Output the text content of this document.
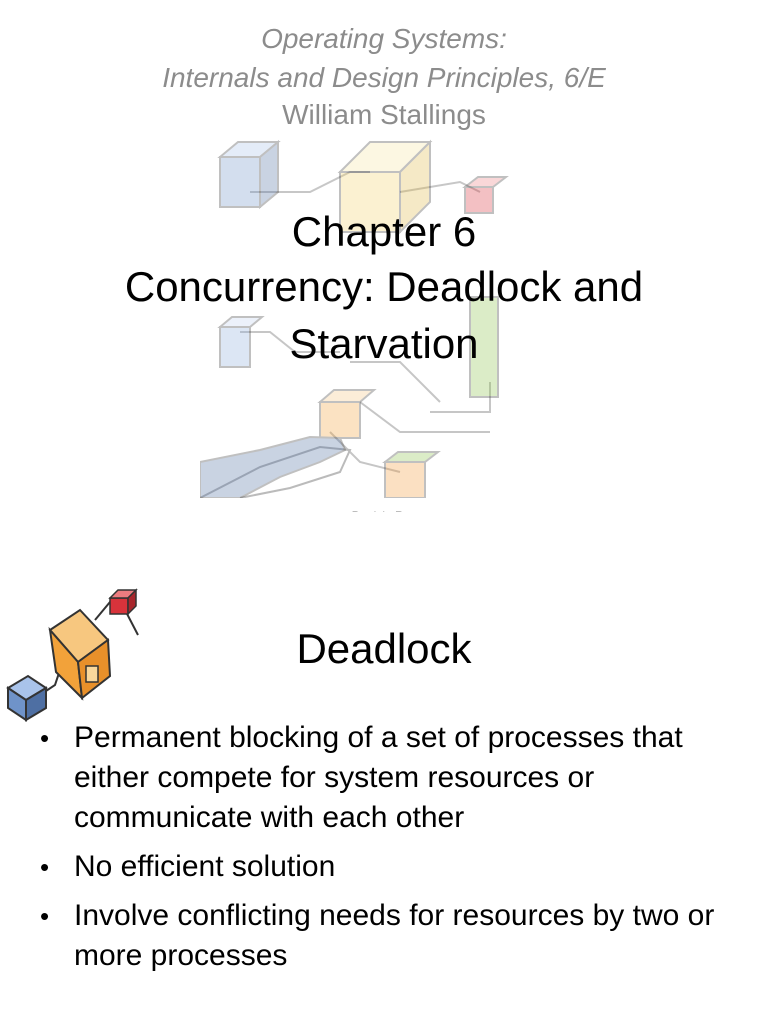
Operating Systems:
Internals and Design Principles, 6/E
William Stallings
Chapter 6
Concurrency: Deadlock and
Starvation
Deadlock
• Permanent blocking of a set of processes that either compete for system resources or communicate with each other
• No efficient solution
• Involve conflicting needs for resources by two or more processes
